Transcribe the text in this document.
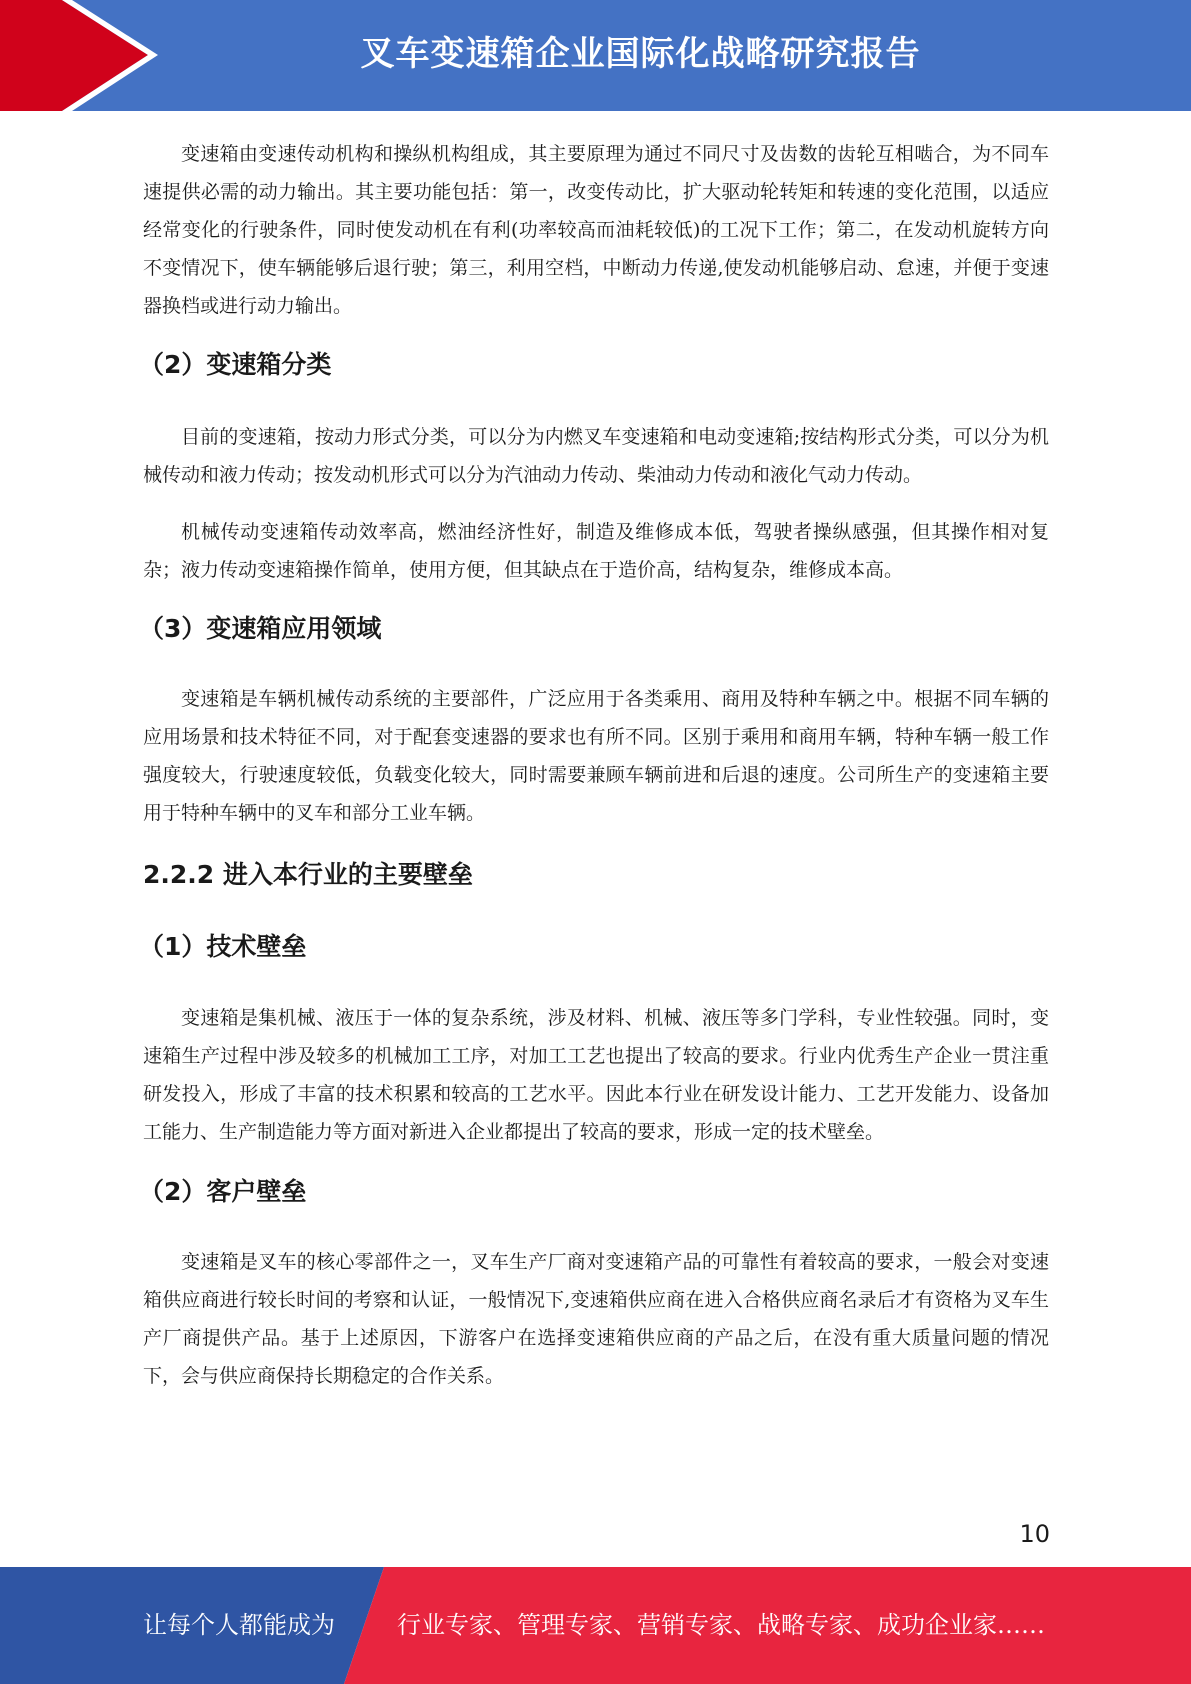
叉车变速箱企业国际化战略研究报告

变速箱由变速传动机构和操纵机构组成，其主要原理为通过不同尺寸及齿数的齿轮互相啮合，为不同车速提供必需的动力输出。其主要功能包括：第一，改变传动比，扩大驱动轮转矩和转速的变化范围，以适应经常变化的行驶条件，同时使发动机在有利(功率较高而油耗较低)的工况下工作；第二，在发动机旋转方向不变情况下，使车辆能够后退行驶；第三，利用空档，中断动力传递,使发动机能够启动、怠速，并便于变速器换档或进行动力输出。

（2）变速箱分类

目前的变速箱，按动力形式分类，可以分为内燃叉车变速箱和电动变速箱;按结构形式分类，可以分为机械传动和液力传动；按发动机形式可以分为汽油动力传动、柴油动力传动和液化气动力传动。

机械传动变速箱传动效率高，燃油经济性好，制造及维修成本低，驾驶者操纵感强，但其操作相对复杂；液力传动变速箱操作简单，使用方便，但其缺点在于造价高，结构复杂，维修成本高。

（3）变速箱应用领域

变速箱是车辆机械传动系统的主要部件，广泛应用于各类乘用、商用及特种车辆之中。根据不同车辆的应用场景和技术特征不同，对于配套变速器的要求也有所不同。区别于乘用和商用车辆，特种车辆一般工作强度较大，行驶速度较低，负载变化较大，同时需要兼顾车辆前进和后退的速度。公司所生产的变速箱主要用于特种车辆中的叉车和部分工业车辆。

2.2.2 进入本行业的主要壁垒
（1）技术壁垒

变速箱是集机械、液压于一体的复杂系统，涉及材料、机械、液压等多门学科，专业性较强。同时，变速箱生产过程中涉及较多的机械加工工序，对加工工艺也提出了较高的要求。行业内优秀生产企业一贯注重研发投入，形成了丰富的技术积累和较高的工艺水平。因此本行业在研发设计能力、工艺开发能力、设备加工能力、生产制造能力等方面对新进入企业都提出了较高的要求，形成一定的技术壁垒。

（2）客户壁垒

变速箱是叉车的核心零部件之一，叉车生产厂商对变速箱产品的可靠性有着较高的要求，一般会对变速箱供应商进行较长时间的考察和认证，一般情况下,变速箱供应商在进入合格供应商名录后才有资格为叉车生产厂商提供产品。基于上述原因，下游客户在选择变速箱供应商的产品之后，在没有重大质量问题的情况下，会与供应商保持长期稳定的合作关系。

10
让每个人都能成为	行业专家、管理专家、营销专家、战略专家、成功企业家……
